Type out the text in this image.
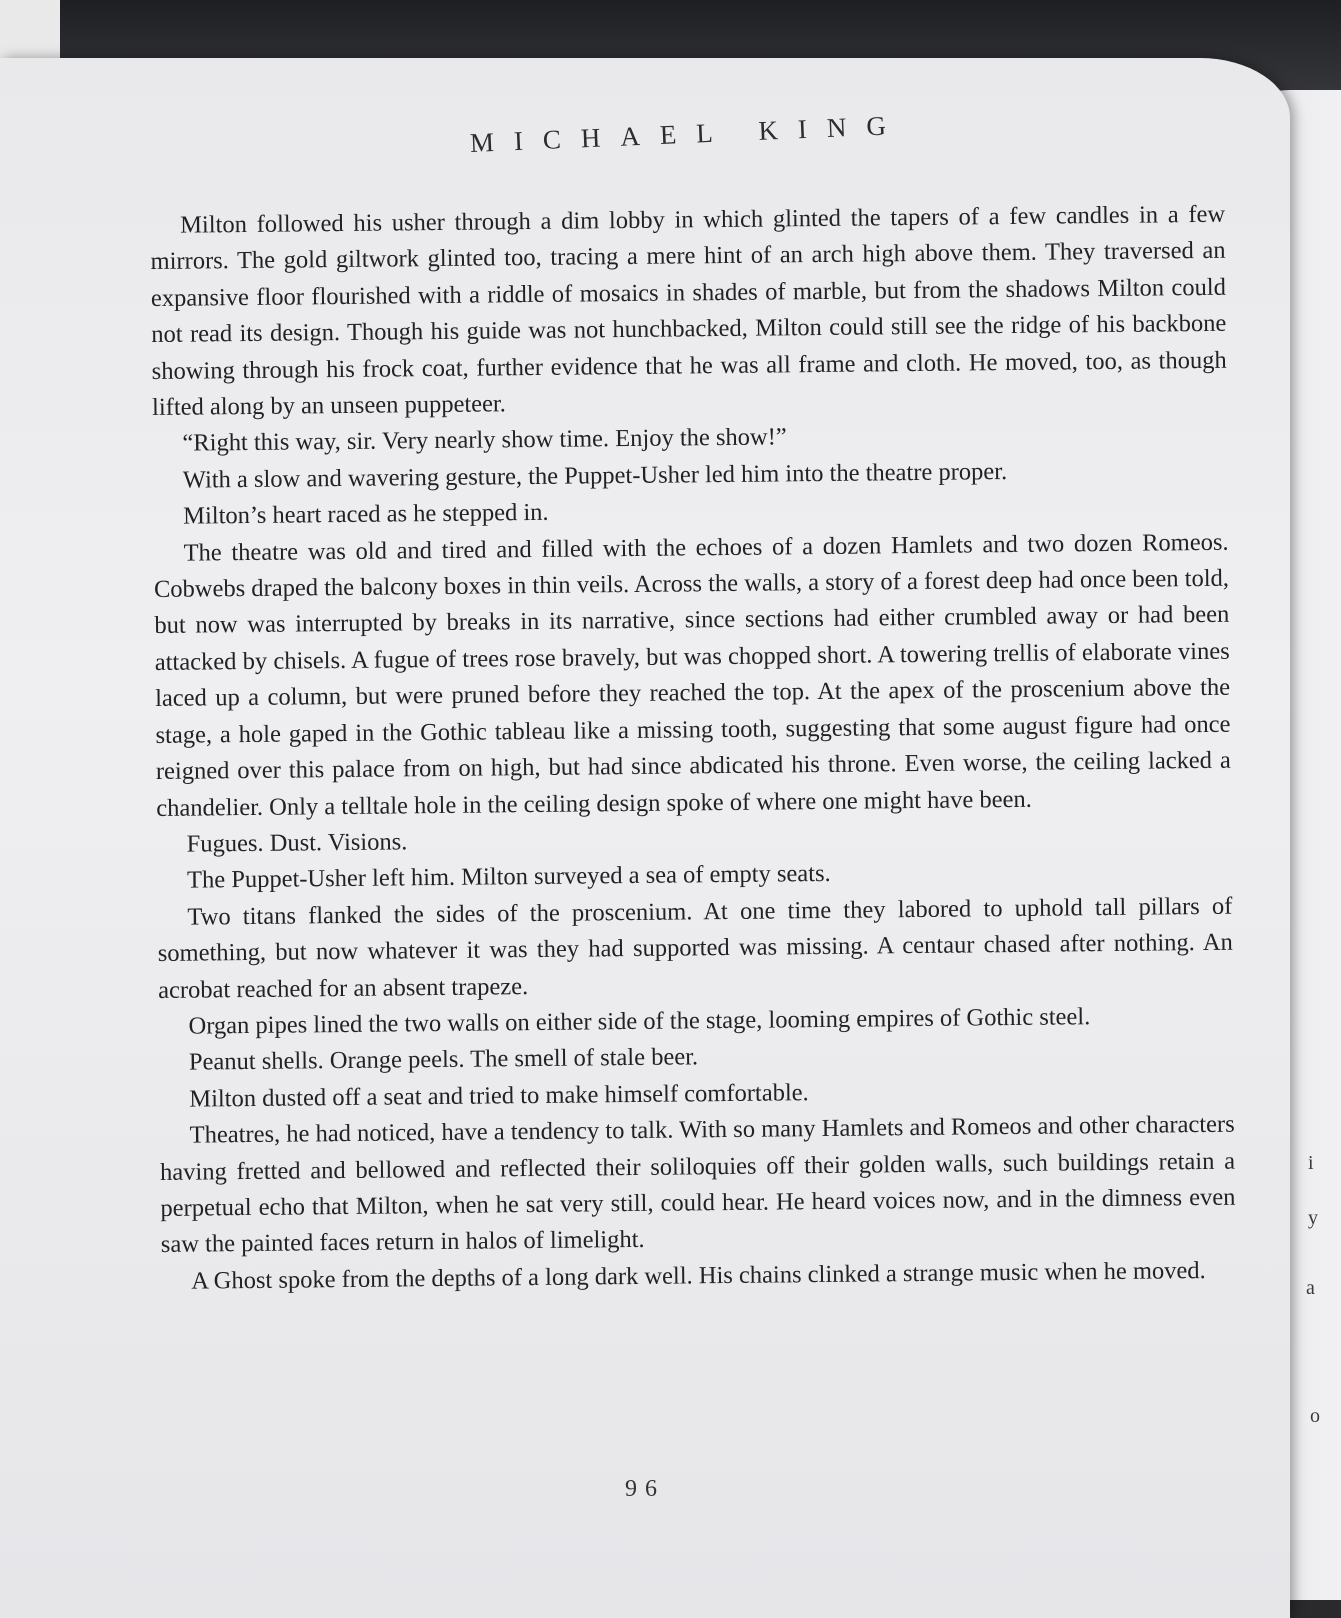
i
y
a
o
MICHAEL KING

Milton followed his usher through a dim lobby in which glinted the tapers of a few candles in a few mirrors. The gold giltwork glinted too, tracing a mere hint of an arch high above them. They traversed an expansive floor flourished with a riddle of mosaics in shades of marble, but from the shadows Milton could not read its design. Though his guide was not hunchbacked, Milton could still see the ridge of his backbone showing through his frock coat, further evidence that he was all frame and cloth. He moved, too, as though lifted along by an unseen puppeteer.

“Right this way, sir. Very nearly show time. Enjoy the show!”

With a slow and wavering gesture, the Puppet-Usher led him into the theatre proper.

Milton’s heart raced as he stepped in.

The theatre was old and tired and filled with the echoes of a dozen Hamlets and two dozen Romeos. Cobwebs draped the balcony boxes in thin veils. Across the walls, a story of a forest deep had once been told, but now was interrupted by breaks in its narrative, since sections had either crumbled away or had been attacked by chisels. A fugue of trees rose bravely, but was chopped short. A towering trellis of elaborate vines laced up a column, but were pruned before they reached the top. At the apex of the proscenium above the stage, a hole gaped in the Gothic tableau like a missing tooth, suggesting that some august figure had once reigned over this palace from on high, but had since abdicated his throne. Even worse, the ceiling lacked a chandelier. Only a telltale hole in the ceiling design spoke of where one might have been.

Fugues. Dust. Visions.

The Puppet-Usher left him. Milton surveyed a sea of empty seats.

Two titans flanked the sides of the proscenium. At one time they labored to uphold tall pillars of something, but now whatever it was they had supported was missing. A centaur chased after nothing. An acrobat reached for an absent trapeze.

Organ pipes lined the two walls on either side of the stage, looming empires of Gothic steel.

Peanut shells. Orange peels. The smell of stale beer.

Milton dusted off a seat and tried to make himself comfortable.

Theatres, he had noticed, have a tendency to talk. With so many Hamlets and Romeos and other characters having fretted and bellowed and reflected their soliloquies off their golden walls, such buildings retain a perpetual echo that Milton, when he sat very still, could hear. He heard voices now, and in the dimness even saw the painted faces return in halos of limelight.

A Ghost spoke from the depths of a long dark well. His chains clinked a strange music when he moved.

96
